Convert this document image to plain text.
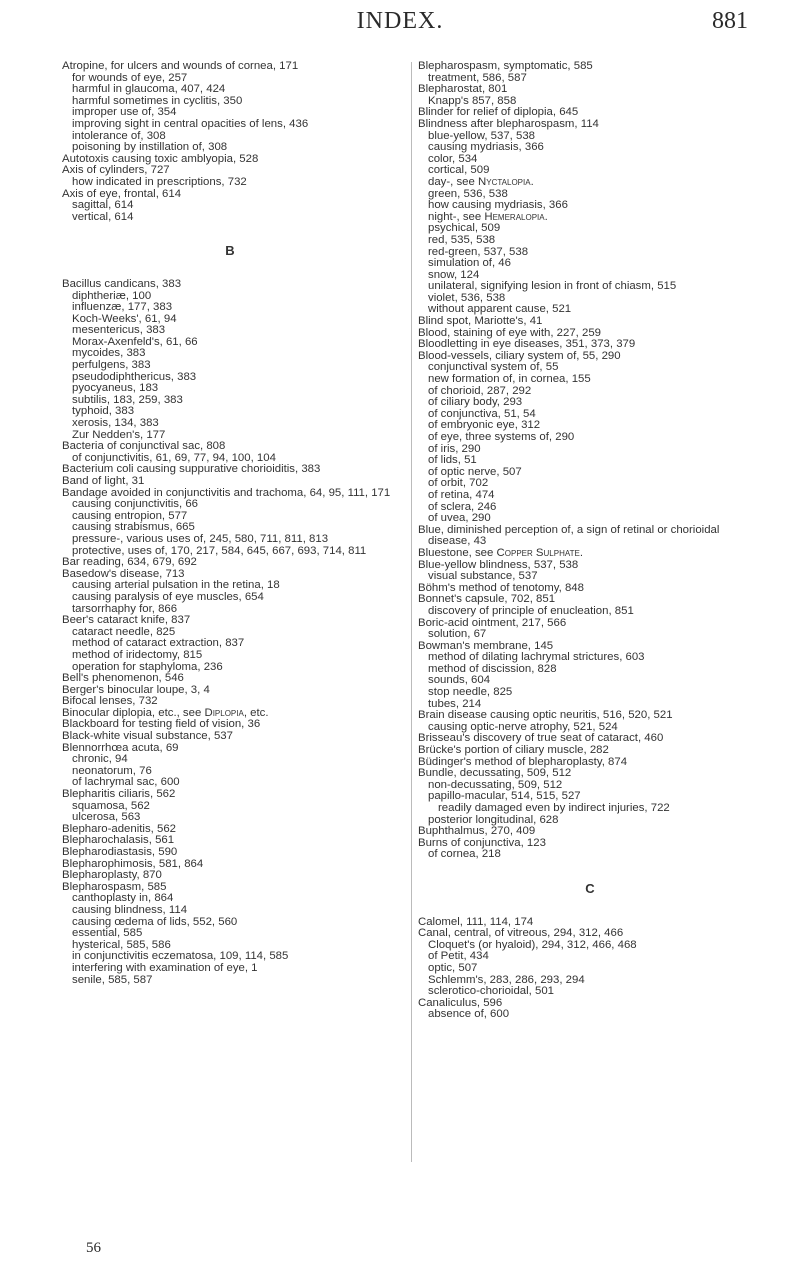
INDEX.	881

Atropine, for ulcers and wounds of cornea, 171

for wounds of eye, 257

harmful in glaucoma, 407, 424

harmful sometimes in cyclitis, 350

improper use of, 354

improving sight in central opacities of lens, 436

intolerance of, 308

poisoning by instillation of, 308

Autotoxis causing toxic amblyopia, 528

Axis of cylinders, 727

how indicated in prescriptions, 732

Axis of eye, frontal, 614

sagittal, 614

vertical, 614

B

Bacillus candicans, 383

diphtheriæ, 100

influenzæ, 177, 383

Koch-Weeks', 61, 94

mesentericus, 383

Morax-Axenfeld's, 61, 66

mycoides, 383

perfulgens, 383

pseudodiphthericus, 383

pyocyaneus, 183

subtilis, 183, 259, 383

typhoid, 383

xerosis, 134, 383

Zur Nedden's, 177

Bacteria of conjunctival sac, 808

of conjunctivitis, 61, 69, 77, 94, 100, 104

Bacterium coli causing suppurative chorioiditis, 383

Band of light, 31

Bandage avoided in conjunctivitis and trachoma, 64, 95, 111, 171

causing conjunctivitis, 66

causing entropion, 577

causing strabismus, 665

pressure-, various uses of, 245, 580, 711, 811, 813

protective, uses of, 170, 217, 584, 645, 667, 693, 714, 811

Bar reading, 634, 679, 692

Basedow's disease, 713

causing arterial pulsation in the retina, 18

causing paralysis of eye muscles, 654

tarsorrhaphy for, 866

Beer's cataract knife, 837

cataract needle, 825

method of cataract extraction, 837

method of iridectomy, 815

operation for staphyloma, 236

Bell's phenomenon, 546

Berger's binocular loupe, 3, 4

Bifocal lenses, 732

Binocular diplopia, etc., see Diplopia, etc.

Blackboard for testing field of vision, 36

Black-white visual substance, 537

Blennorrhœa acuta, 69

chronic, 94

neonatorum, 76

of lachrymal sac, 600

Blepharitis ciliaris, 562

squamosa, 562

ulcerosa, 563

Blepharo-adenitis, 562

Blepharochalasis, 561

Blepharodiastasis, 590

Blepharophimosis, 581, 864

Blepharoplasty, 870

Blepharospasm, 585

canthoplasty in, 864

causing blindness, 114

causing œdema of lids, 552, 560

essential, 585

hysterical, 585, 586

in conjunctivitis eczematosa, 109, 114, 585

interfering with examination of eye, 1

senile, 585, 587

Blepharospasm, symptomatic, 585

treatment, 586, 587

Blepharostat, 801

Knapp's 857, 858

Blinder for relief of diplopia, 645

Blindness after blepharospasm, 114

blue-yellow, 537, 538

causing mydriasis, 366

color, 534

cortical, 509

day-, see Nyctalopia.

green, 536, 538

how causing mydriasis, 366

night-, see Hemeralopia.

psychical, 509

red, 535, 538

red-green, 537, 538

simulation of, 46

snow, 124

unilateral, signifying lesion in front of chiasm, 515

violet, 536, 538

without apparent cause, 521

Blind spot, Mariotte's, 41

Blood, staining of eye with, 227, 259

Bloodletting in eye diseases, 351, 373, 379

Blood-vessels, ciliary system of, 55, 290

conjunctival system of, 55

new formation of, in cornea, 155

of chorioid, 287, 292

of ciliary body, 293

of conjunctiva, 51, 54

of embryonic eye, 312

of eye, three systems of, 290

of iris, 290

of lids, 51

of optic nerve, 507

of orbit, 702

of retina, 474

of sclera, 246

of uvea, 290

Blue, diminished perception of, a sign of retinal or chorioidal disease, 43

Bluestone, see Copper Sulphate.

Blue-yellow blindness, 537, 538

visual substance, 537

Böhm's method of tenotomy, 848

Bonnet's capsule, 702, 851

discovery of principle of enucleation, 851

Boric-acid ointment, 217, 566

solution, 67

Bowman's membrane, 145

method of dilating lachrymal strictures, 603

method of discission, 828

sounds, 604

stop needle, 825

tubes, 214

Brain disease causing optic neuritis, 516, 520, 521

causing optic-nerve atrophy, 521, 524

Brisseau's discovery of true seat of cataract, 460

Brücke's portion of ciliary muscle, 282

Büdinger's method of blepharoplasty, 874

Bundle, decussating, 509, 512

non-decussating, 509, 512

papillo-macular, 514, 515, 527

readily damaged even by indirect injuries, 722

posterior longitudinal, 628

Buphthalmus, 270, 409

Burns of conjunctiva, 123

of cornea, 218

C

Calomel, 111, 114, 174

Canal, central, of vitreous, 294, 312, 466

Cloquet's (or hyaloid), 294, 312, 466, 468

of Petit, 434

optic, 507

Schlemm's, 283, 286, 293, 294

sclerotico-chorioidal, 501

Canaliculus, 596

absence of, 600

56
